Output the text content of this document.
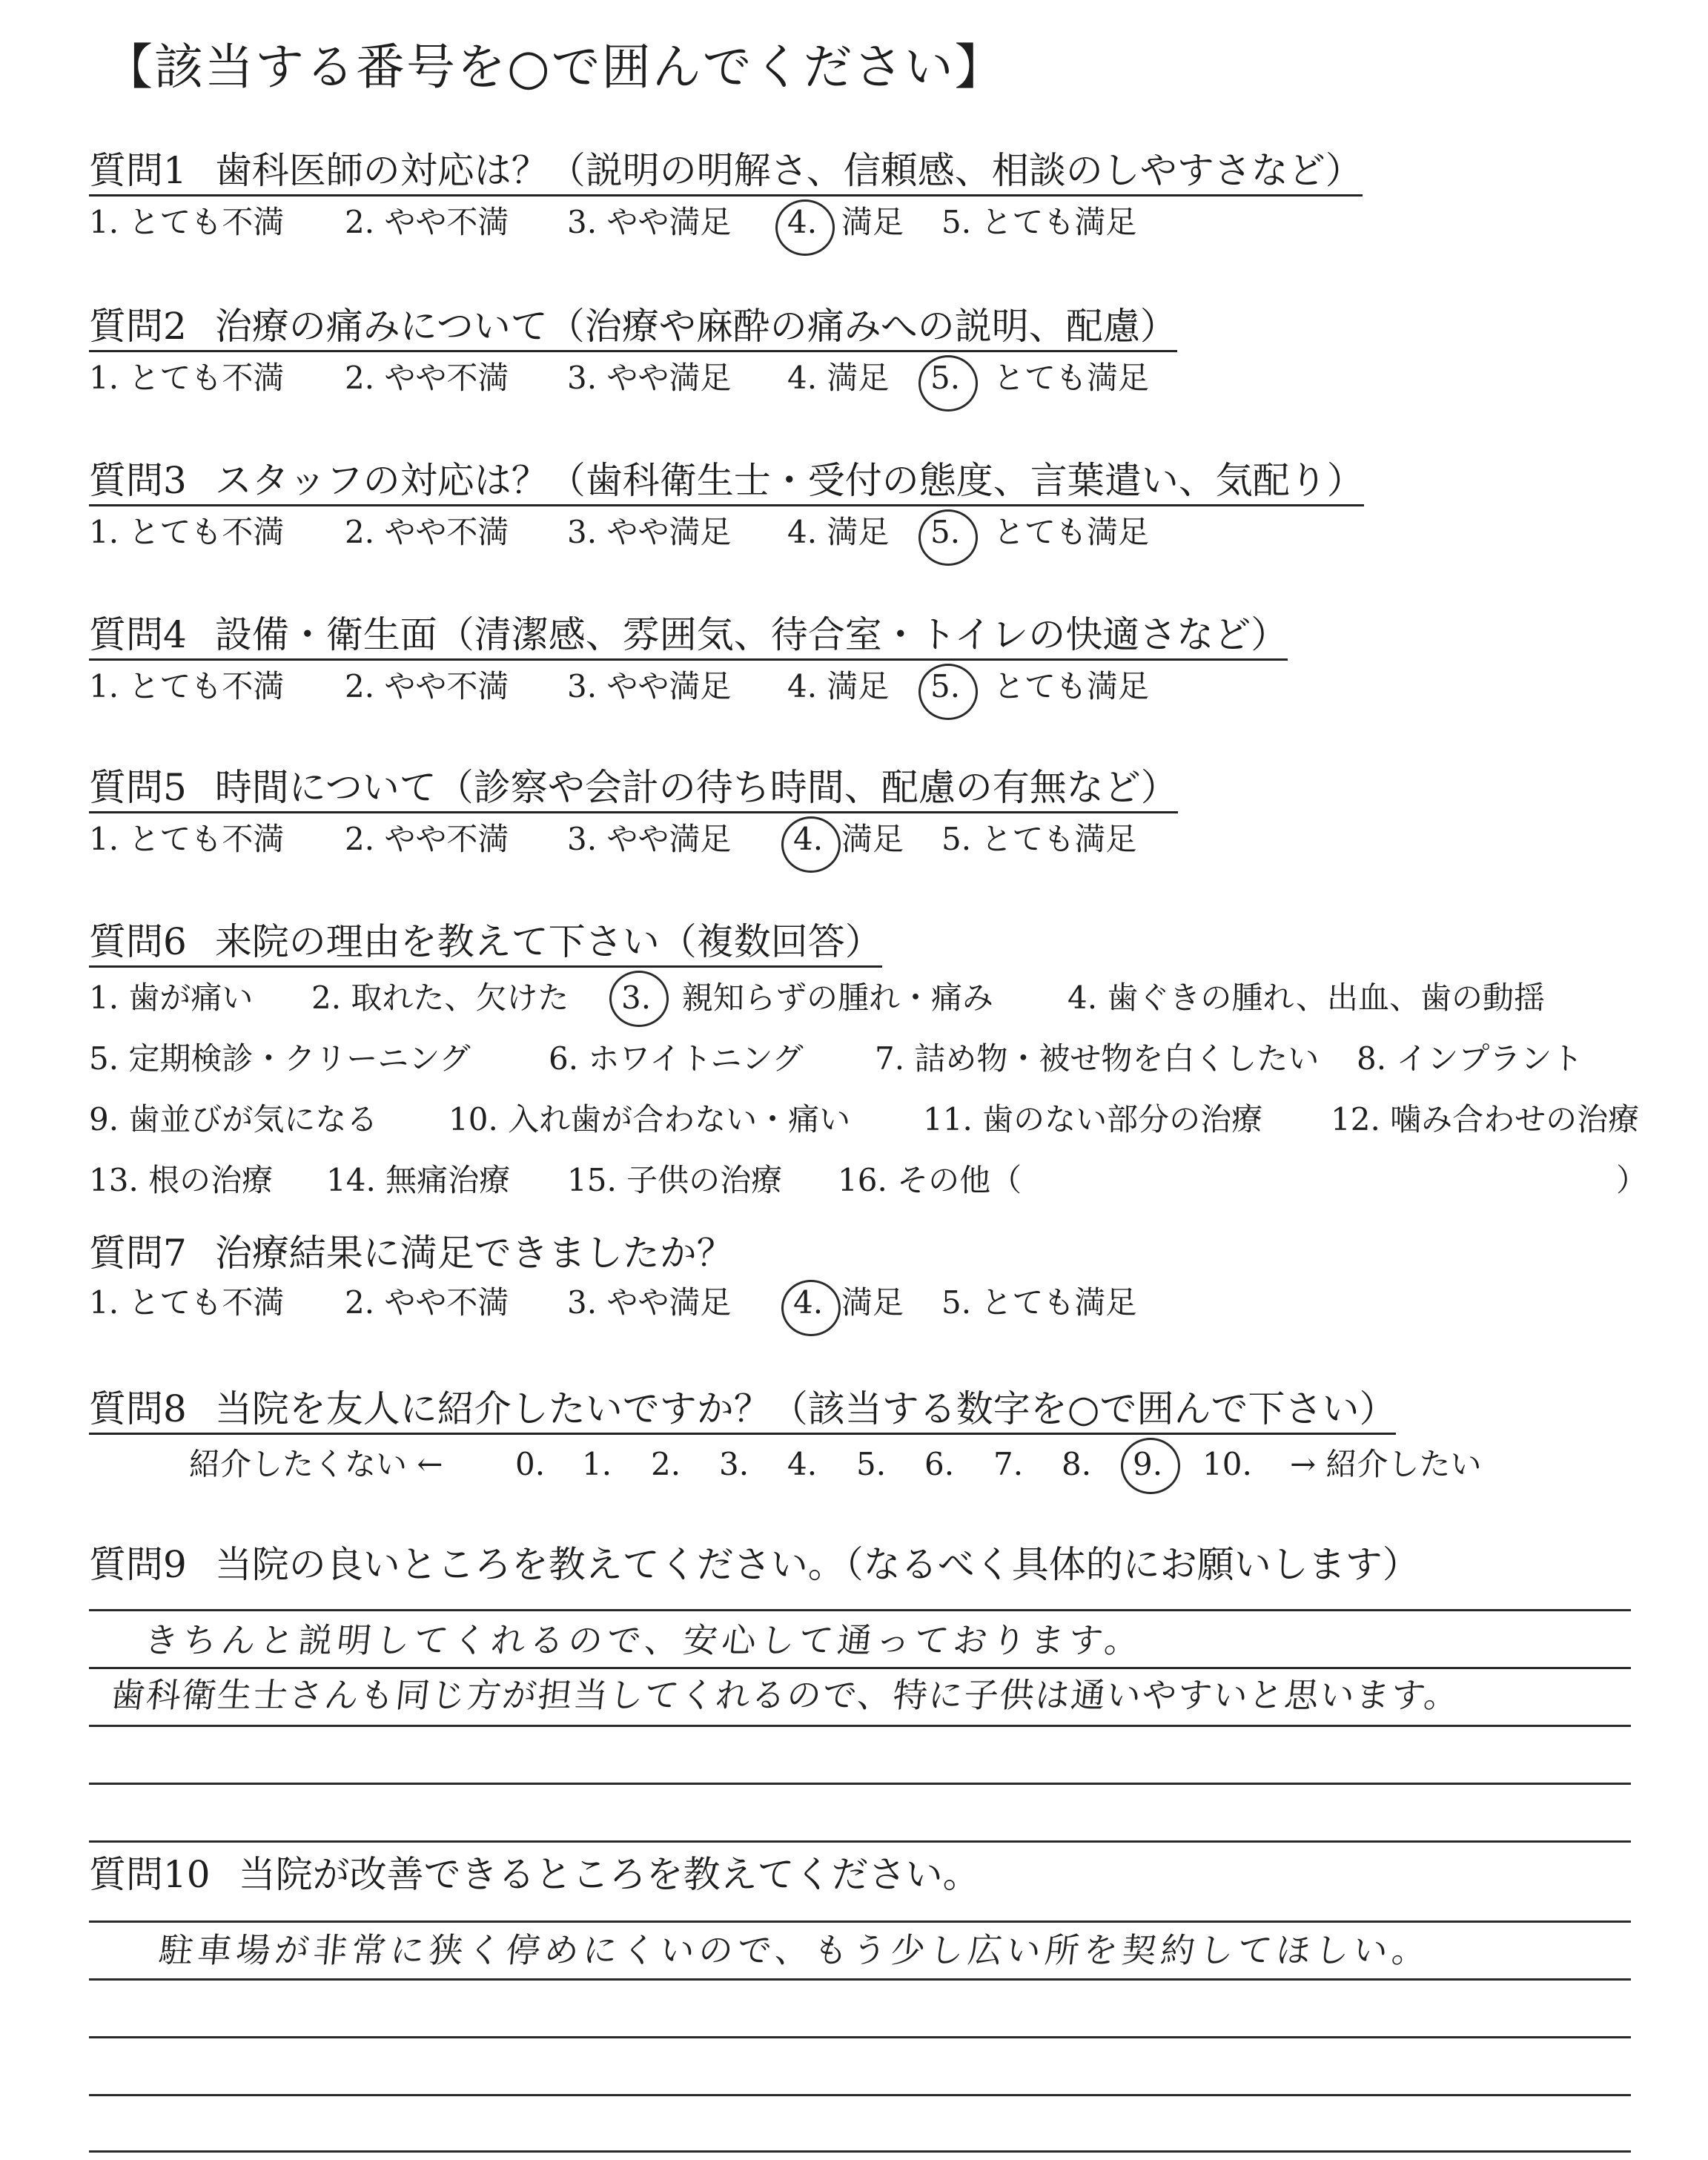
【該当する番号を○で囲んでください】
質問1 歯科医師の対応は？（説明の明解さ、信頼感、相談のしやすさなど）
1. とても不満 2. やや不満 3. やや満足 4. 満足 5. とても満足
質問2 治療の痛みについて（治療や麻酔の痛みへの説明、配慮）
1. とても不満 2. やや不満 3. やや満足 4. 満足 5. とても満足
質問3 スタッフの対応は？（歯科衛生士・受付の態度、言葉遣い、気配り）
1. とても不満 2. やや不満 3. やや満足 4. 満足 5. とても満足
質問4 設備・衛生面（清潔感、雰囲気、待合室・トイレの快適さなど）
1. とても不満 2. やや不満 3. やや満足 4. 満足 5. とても満足
質問5 時間について（診察や会計の待ち時間、配慮の有無など）
1. とても不満 2. やや不満 3. やや満足 4. 満足 5. とても満足
質問6 来院の理由を教えて下さい（複数回答）
1. 歯が痛い 2. 取れた、欠けた 3. 親知らずの腫れ・痛み 4. 歯ぐきの腫れ、出血、歯の動揺
5. 定期検診・クリーニング	6. ホワイトニング 7. 詰め物・被せ物を白くしたい 8. インプラント
9. 歯並びが気になる 10. 入れ歯が合わない・痛い 11. 歯のない部分の治療 12. 噛み合わせの治療
13. 根の治療 14. 無痛治療 15. 子供の治療 16. その他（	）
質問7 治療結果に満足できましたか？
1. とても不満 2. やや不満 3. やや満足 4. 満足 5. とても満足
質問8 当院を友人に紹介したいですか？（該当する数字を○で囲んで下さい）
紹介したくない ← 0. 1. 2. 3. 4. 5. 6. 7. 8. 9. 10. → 紹介したい
質問9 当院の良いところを教えてください。（なるべく具体的にお願いします）
きちんと説明してくれるので、安心して通っております。
歯科衛生士さんも同じ方が担当してくれるので、特に子供は通いやすいと思います。
質問10 当院が改善できるところを教えてください。
駐車場が非常に狭く停めにくいので、もう少し広い所を契約してほしい。
